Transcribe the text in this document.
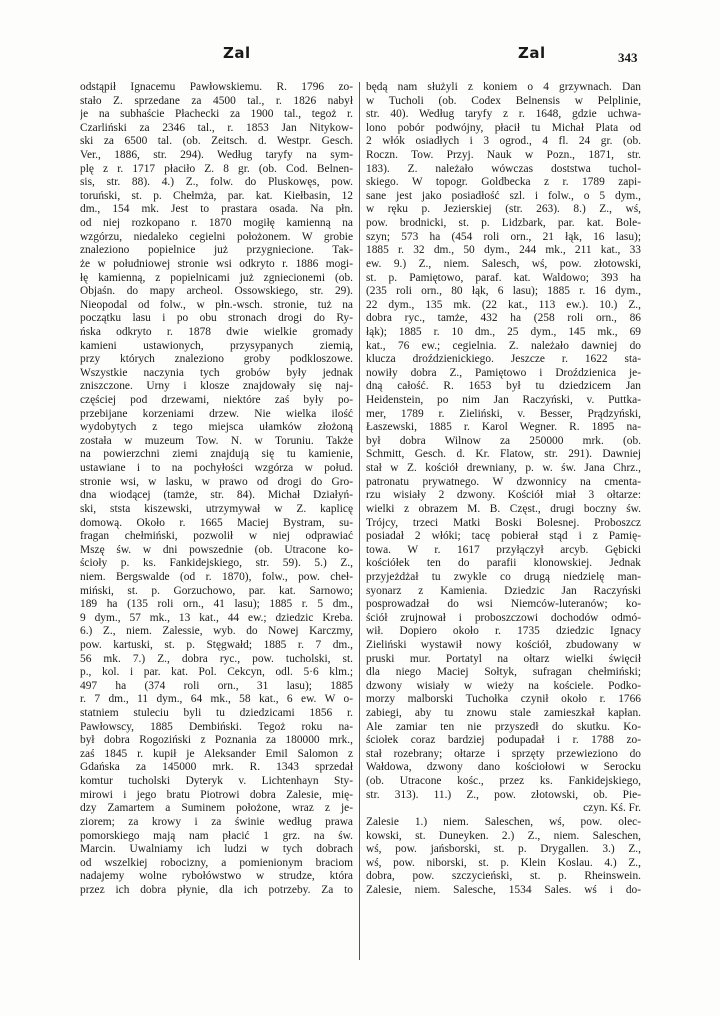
Zal	Zal	343
odstąpił Ignacemu Pawłowskiemu. R. 1796 zo-
stało Z. sprzedane za 4500 tal., r. 1826 nabył
je na subhaście Płachecki za 1900 tal., tegoż r.
Czarliński za 2346 tal., r. 1853 Jan Nitykow-
ski za 6500 tal. (ob. Zeitsch. d. Westpr. Gesch.
Ver., 1886, str. 294). Według taryfy na sym-
plę z r. 1717 płaciło Z. 8 gr. (ob. Cod. Belnen-
sis, str. 88). 4.) Z., folw. do Pluskowęs, pow.
toruński, st. p. Chełmża, par. kat. Kiełbasin, 12
dm., 154 mk. Jest to prastara osada. Na płn.
od niej rozkopano r. 1870 mogiłę kamienną na
wzgórzu, niedaleko cegielni położonem. W grobie
znaleziono popielnice już przygniecione. Tak-
że w południowej stronie wsi odkryto r. 1886 mogi-
łę kamienną, z popielnicami już zgniecionemi (ob.
Objaśn. do mapy archeol. Ossowskiego, str. 29).
Nieopodal od folw., w płn.-wsch. stronie, tuż na
początku lasu i po obu stronach drogi do Ry-
ńska odkryto r. 1878 dwie wielkie gromady
kamieni ustawionych, przysypanych ziemią,
przy których znaleziono groby podkloszowe.
Wszystkie naczynia tych grobów były jednak
zniszczone. Urny i klosze znajdowały się naj-
częściej pod drzewami, niektóre zaś były po-
przebijane korzeniami drzew. Nie wielka ilość
wydobytych z tego miejsca ułamków złożoną
została w muzeum Tow. N. w Toruniu. Także
na powierzchni ziemi znajdują się tu kamienie,
ustawiane i to na pochyłości wzgórza w połud.
stronie wsi, w lasku, w prawo od drogi do Gro-
dna wiodącej (tamże, str. 84). Michał Działyń-
ski, ststa kiszewski, utrzymywał w Z. kaplicę
domową. Około r. 1665 Maciej Bystram, su-
fragan chełmiński, pozwolił w niej odprawiać
Mszę św. w dni powszednie (ob. Utracone ko-
ścioły p. ks. Fankidejskiego, str. 59). 5.) Z.,
niem. Bergswalde (od r. 1870), folw., pow. cheł-
miński, st. p. Gorzuchowo, par. kat. Sarnowo;
189 ha (135 roli orn., 41 lasu); 1885 r. 5 dm.,
9 dym., 57 mk., 13 kat., 44 ew.; dziedzic Kreba.
6.) Z., niem. Zalessie, wyb. do Nowej Karczmy,
pow. kartuski, st. p. Stęgwałd; 1885 r. 7 dm.,
56 mk. 7.) Z., dobra ryc., pow. tucholski, st.
p., kol. i par. kat. Pol. Cekcyn, odl. 5·6 klm.;
497 ha (374 roli orn., 31 lasu); 1885
r. 7 dm., 11 dym., 64 mk., 58 kat., 6 ew. W o-
statniem stuleciu byli tu dziedzicami 1856 r.
Pawłowscy, 1885 Dembiński. Tegoż roku na-
był dobra Rogoziński z Poznania za 180000 mrk.,
zaś 1845 r. kupił je Aleksander Emil Salomon z
Gdańska za 145000 mrk. R. 1343 sprzedał
komtur tucholski Dyteryk v. Lichtenhayn Sty-
mirowi i jego bratu Piotrowi dobra Zalesie, mię-
dzy Zamartem a Suminem położone, wraz z je-
ziorem; za krowy i za świnie według prawa
pomorskiego mają nam płacić 1 grz. na św.
Marcin. Uwalniamy ich ludzi w tych dobrach
od wszelkiej robocizny, a pomienionym braciom
nadajemy wolne rybołówstwo w strudze, która
przez ich dobra płynie, dla ich potrzeby. Za to
będą nam służyli z koniem o 4 grzywnach. Dan
w Tucholi (ob. Codex Belnensis w Pelplinie,
str. 40). Według taryfy z r. 1648, gdzie uchwa-
lono pobór podwójny, płacił tu Michał Plata od
2 włók osiadłych i 3 ogrod., 4 fl. 24 gr. (ob.
Roczn. Tow. Przyj. Nauk w Pozn., 1871, str.
183). Z. należało wówczas doststwa tuchol-
skiego. W topogr. Goldbecka z r. 1789 zapi-
sane jest jako posiadłość szl. i folw., o 5 dym.,
w ręku p. Jezierskiej (str. 263). 8.) Z., wś,
pow. brodnicki, st. p. Lidzbark, par. kat. Bole-
szyn; 573 ha (454 roli orn., 21 łąk, 16 lasu);
1885 r. 32 dm., 50 dym., 244 mk., 211 kat., 33
ew. 9.) Z., niem. Salesch, wś, pow. złotowski,
st. p. Pamiętowo, paraf. kat. Waldowo; 393 ha
(235 roli orn., 80 łąk, 6 lasu); 1885 r. 16 dym.,
22 dym., 135 mk. (22 kat., 113 ew.). 10.) Z.,
dobra ryc., tamże, 432 ha (258 roli orn., 86
łąk); 1885 r. 10 dm., 25 dym., 145 mk., 69
kat., 76 ew.; cegielnia. Z. należało dawniej do
klucza droździenickiego. Jeszcze r. 1622 sta-
nowiły dobra Z., Pamiętowo i Droździenica je-
dną całość. R. 1653 był tu dziedzicem Jan
Heidenstein, po nim Jan Raczyński, v. Puttka-
mer, 1789 r. Zieliński, v. Besser, Prądzyński,
Łaszewski, 1885 r. Karol Wegner. R. 1895 na-
był dobra Wilnow za 250000 mrk. (ob.
Schmitt, Gesch. d. Kr. Flatow, str. 291). Dawniej
stał w Z. kościół drewniany, p. w. św. Jana Chrz.,
patronatu prywatnego. W dzwonnicy na cmenta-
rzu wisiały 2 dzwony. Kościół miał 3 ołtarze:
wielki z obrazem M. B. Częst., drugi boczny św.
Trójcy, trzeci Matki Boski Bolesnej. Proboszcz
posiadał 2 włóki; tacę pobierał stąd i z Pamię-
towa. W r. 1617 przyłączył arcyb. Gębicki
kościółek ten do parafii klonowskiej. Jednak
przyjeżdżał tu zwykle co drugą niedzielę man-
syonarz z Kamienia. Dziedzic Jan Raczyński
posprowadzał do wsi Niemców-luteranów; ko-
ściół zrujnował i proboszczowi dochodów odmó-
wił. Dopiero około r. 1735 dziedzic Ignacy
Zieliński wystawił nowy kościół, zbudowany w
pruski mur. Portatyl na ołtarz wielki święcił
dla niego Maciej Sołtyk, sufragan chełmiński;
dzwony wisiały w wieży na kościele. Podko-
morzy malborski Tuchołka czynił około r. 1766
zabiegi, aby tu znowu stale zamieszkał kapłan.
Ale zamiar ten nie przyszedł do skutku. Ko-
ściołek coraz bardziej podupadał i r. 1788 zo-
stał rozebrany; ołtarze i sprzęty przewieziono do
Wałdowa, dzwony dano kościołowi w Serocku
(ob. Utracone kośc., przez ks. Fankidejskiego,
str. 313). 11.) Z., pow. złotowski, ob. Pie-
czyn. Kś. Fr.
Zalesie 1.) niem. Saleschen, wś, pow. olec-
kowski, st. Duneyken. 2.) Z., niem. Saleschen,
wś, pow. jańsborski, st. p. Drygallen. 3.) Z.,
wś, pow. niborski, st. p. Klein Koslau. 4.) Z.,
dobra, pow. szczycieński, st. p. Rheinswein.
Zalesie, niem. Salesche, 1534 Sales. wś i do-
